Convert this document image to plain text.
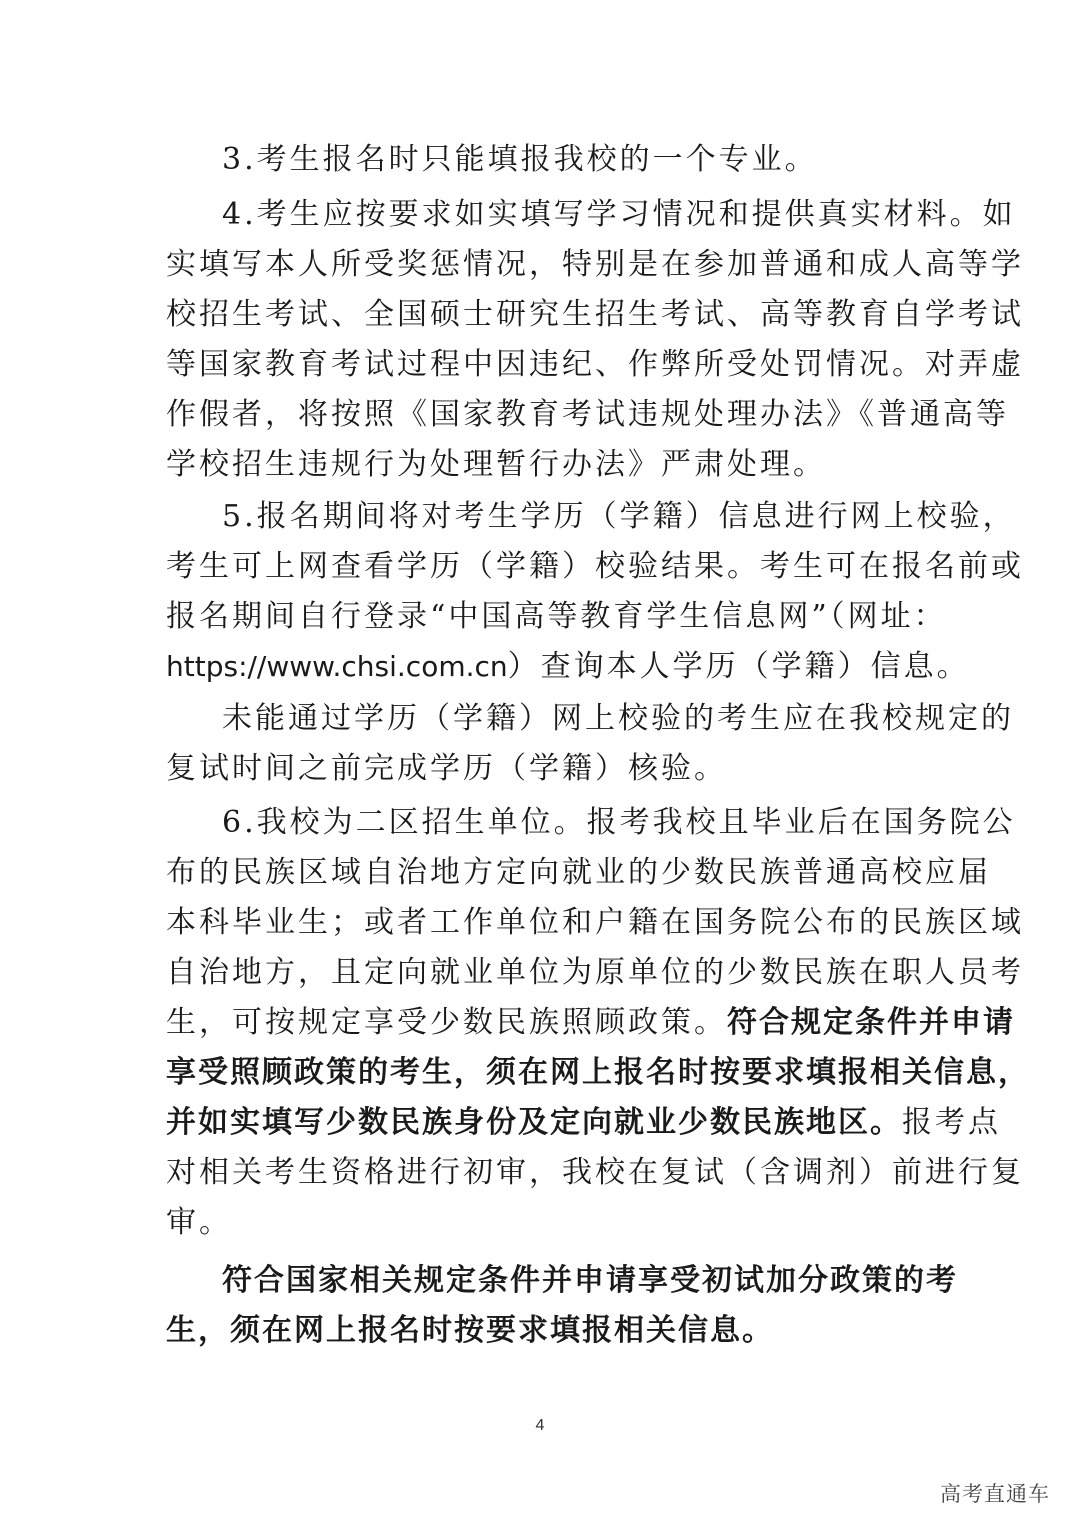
3.考生报名时只能填报我校的一个专业。
4.考生应按要求如实填写学习情况和提供真实材料。如
实填写本人所受奖惩情况，特别是在参加普通和成人高等学
校招生考试、全国硕士研究生招生考试、高等教育自学考试
等国家教育考试过程中因违纪、作弊所受处罚情况。对弄虚
作假者，将按照《国家教育考试违规处理办法》《普通高等
学校招生违规行为处理暂行办法》严肃处理。
5.报名期间将对考生学历（学籍）信息进行网上校验，
考生可上网查看学历（学籍）校验结果。考生可在报名前或
报名期间自行登录“中国高等教育学生信息网”（网址：
https://www.chsi.com.cn）查询本人学历（学籍）信息。
未能通过学历（学籍）网上校验的考生应在我校规定的
复试时间之前完成学历（学籍）核验。
6.我校为二区招生单位。报考我校且毕业后在国务院公
布的民族区域自治地方定向就业的少数民族普通高校应届
本科毕业生；或者工作单位和户籍在国务院公布的民族区域
自治地方，且定向就业单位为原单位的少数民族在职人员考
生，可按规定享受少数民族照顾政策。符合规定条件并申请
享受照顾政策的考生，须在网上报名时按要求填报相关信息，
并如实填写少数民族身份及定向就业少数民族地区。报考点
对相关考生资格进行初审，我校在复试（含调剂）前进行复
审。
符合国家相关规定条件并申请享受初试加分政策的考
生，须在网上报名时按要求填报相关信息。
4
高考直通车
